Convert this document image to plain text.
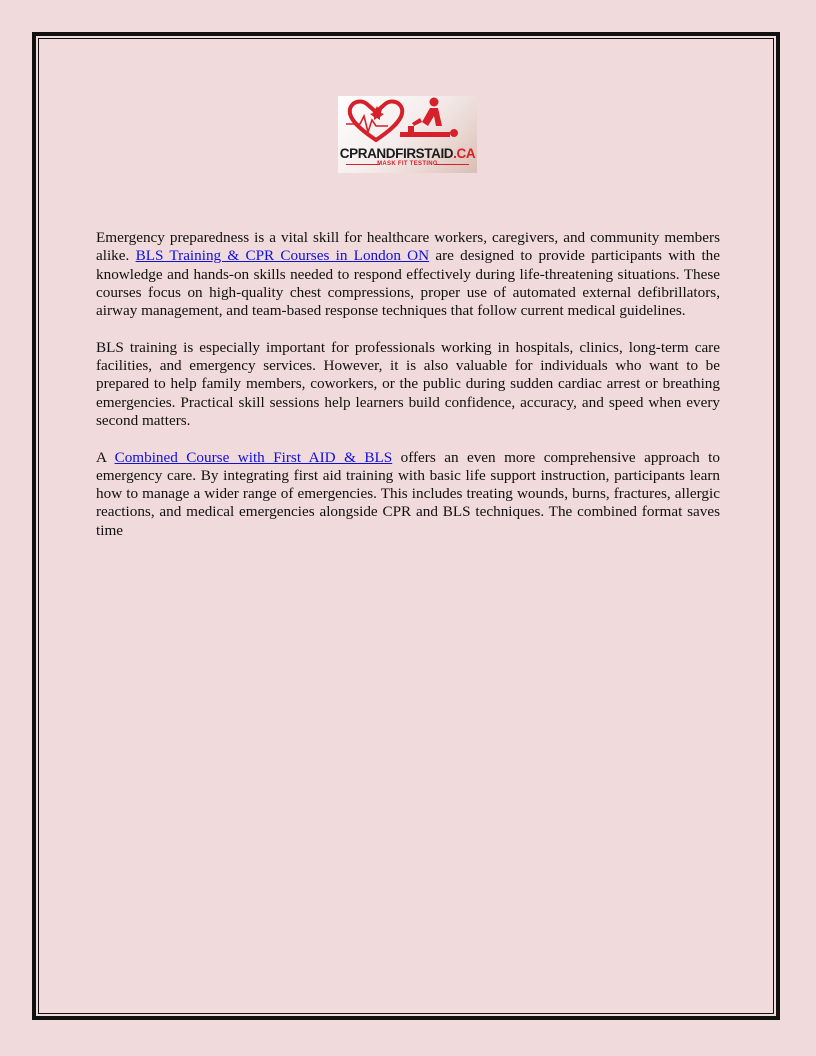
CPRANDFIRSTAID.CA
MASK FIT TESTING

Emergency preparedness is a vital skill for healthcare workers, caregivers, and community members alike. BLS Training & CPR Courses in London ON are designed to provide participants with the knowledge and hands-on skills needed to respond effectively during life-threatening situations. These courses focus on high-quality chest compressions, proper use of automated external defibrillators, airway management, and team-based response techniques that follow current medical guidelines.

BLS training is especially important for professionals working in hospitals, clinics, long-term care facilities, and emergency services. However, it is also valuable for individuals who want to be prepared to help family members, coworkers, or the public during sudden cardiac arrest or breathing emergencies. Practical skill sessions help learners build confidence, accuracy, and speed when every second matters.

A Combined Course with First AID & BLS offers an even more comprehensive approach to emergency care. By integrating first aid training with basic life support instruction, participants learn how to manage a wider range of emergencies. This includes treating wounds, burns, fractures, allergic reactions, and medical emergencies alongside CPR and BLS techniques. The combined format saves time
